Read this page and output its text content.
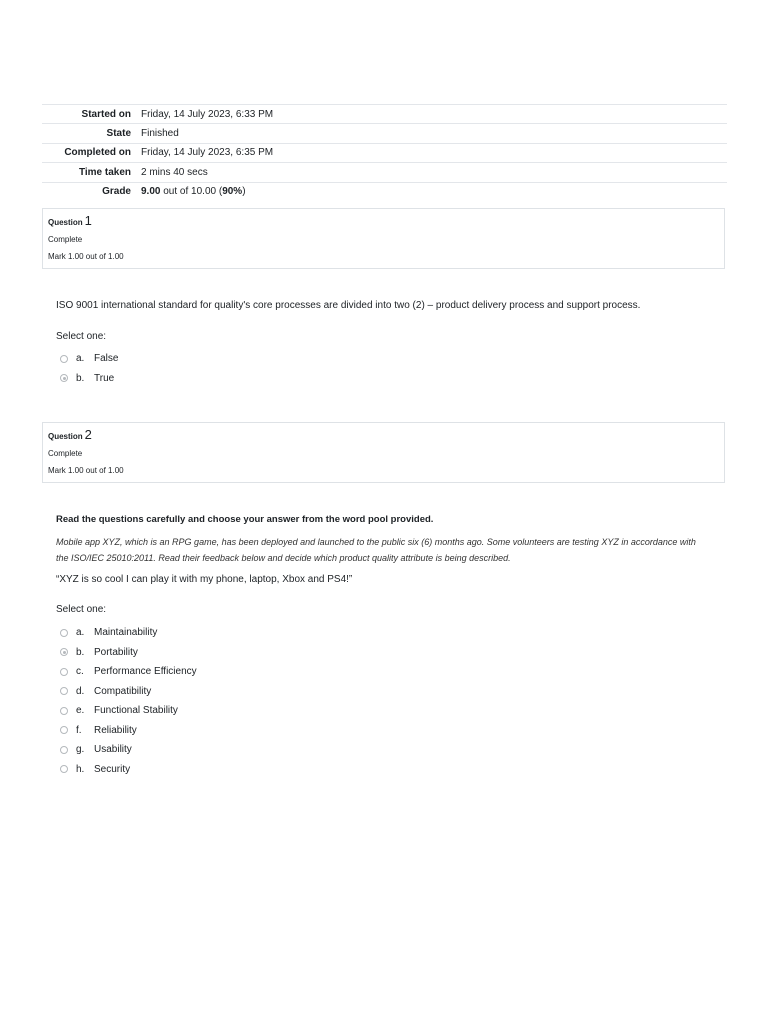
Started on	Friday, 14 July 2023, 6:33 PM
State	Finished
Completed on	Friday, 14 July 2023, 6:35 PM
Time taken	2 mins 40 secs
Grade	9.00 out of 10.00 (90%)
Question 1
Complete
Mark 1.00 out of 1.00
ISO 9001 international standard for quality's core processes are divided into two (2) – product delivery process and support process.
Select one:
a. False
b. True
Question 2
Complete
Mark 1.00 out of 1.00
Read the questions carefully and choose your answer from the word pool provided.
Mobile app XYZ, which is an RPG game, has been deployed and launched to the public six (6) months ago. Some volunteers are testing XYZ in accordance with the ISO/IEC 25010:2011. Read their feedback below and decide which product quality attribute is being described.
“XYZ is so cool I can play it with my phone, laptop, Xbox and PS4!”
Select one:
a. Maintainability
b. Portability
c.	Performance Efficiency
d. Compatibility
e. Functional Stability
f.	Reliability
g. Usability
h. Security
